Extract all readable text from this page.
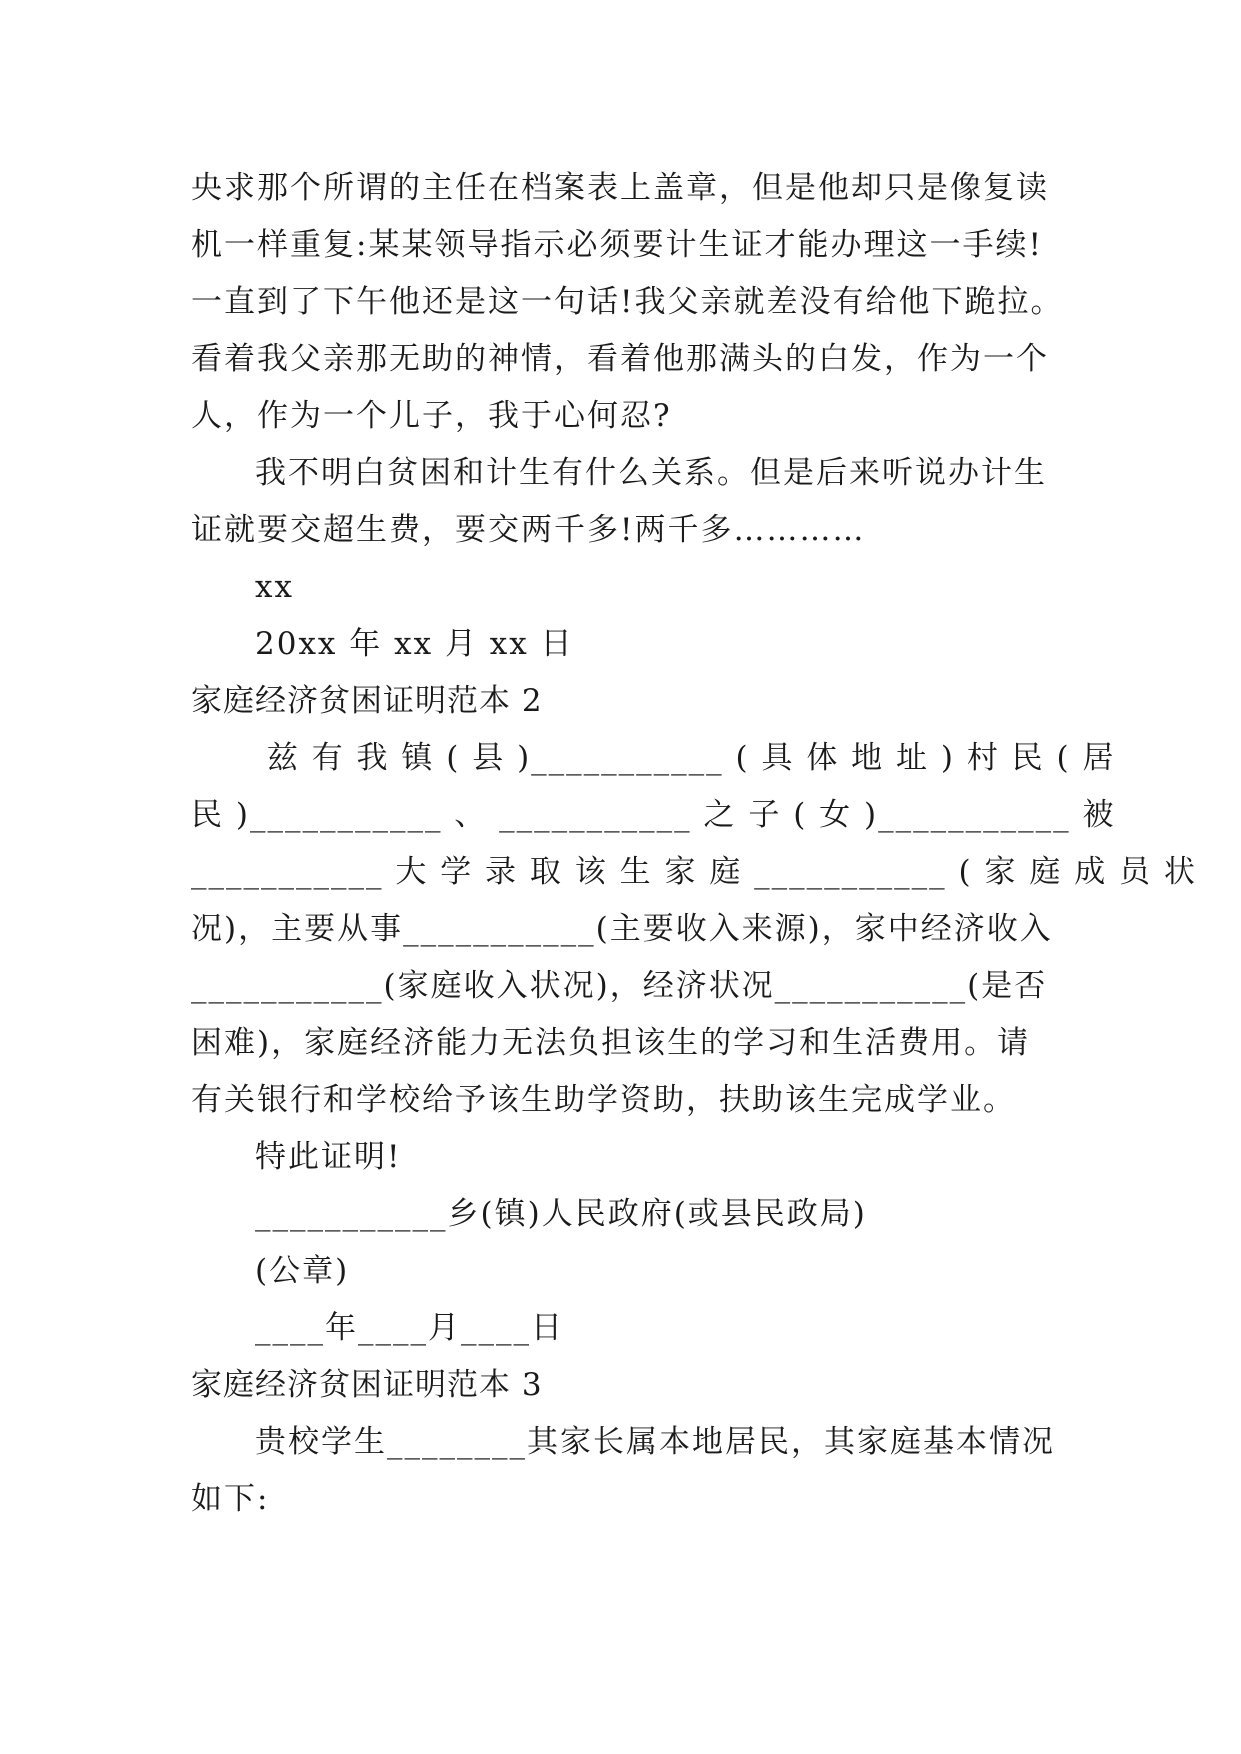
央求那个所谓的主任在档案表上盖章，但是他却只是像复读
机一样重复:某某领导指示必须要计生证才能办理这一手续!
一直到了下午他还是这一句话!我父亲就差没有给他下跪拉。
看着我父亲那无助的神情，看着他那满头的白发，作为一个
人，作为一个儿子，我于心何忍?
我不明白贫困和计生有什么关系。但是后来听说办计生
证就要交超生费，要交两千多!两千多…………
xx
20xx 年 xx 月 xx 日
家庭经济贫困证明范本 2
兹 有 我 镇 ( 县 )___________ ( 具 体 地 址 ) 村 民 ( 居
民 )___________ 、 ___________ 之 子 ( 女 )___________ 被
___________ 大 学 录 取 该 生 家 庭 ___________ ( 家 庭 成 员 状
况)，主要从事___________(主要收入来源)，家中经济收入
___________(家庭收入状况)，经济状况___________(是否
困难)，家庭经济能力无法负担该生的学习和生活费用。请
有关银行和学校给予该生助学资助，扶助该生完成学业。
特此证明!
___________乡(镇)人民政府(或县民政局)
(公章)
____年____月____日
家庭经济贫困证明范本 3
贵校学生________其家长属本地居民，其家庭基本情况
如下:
